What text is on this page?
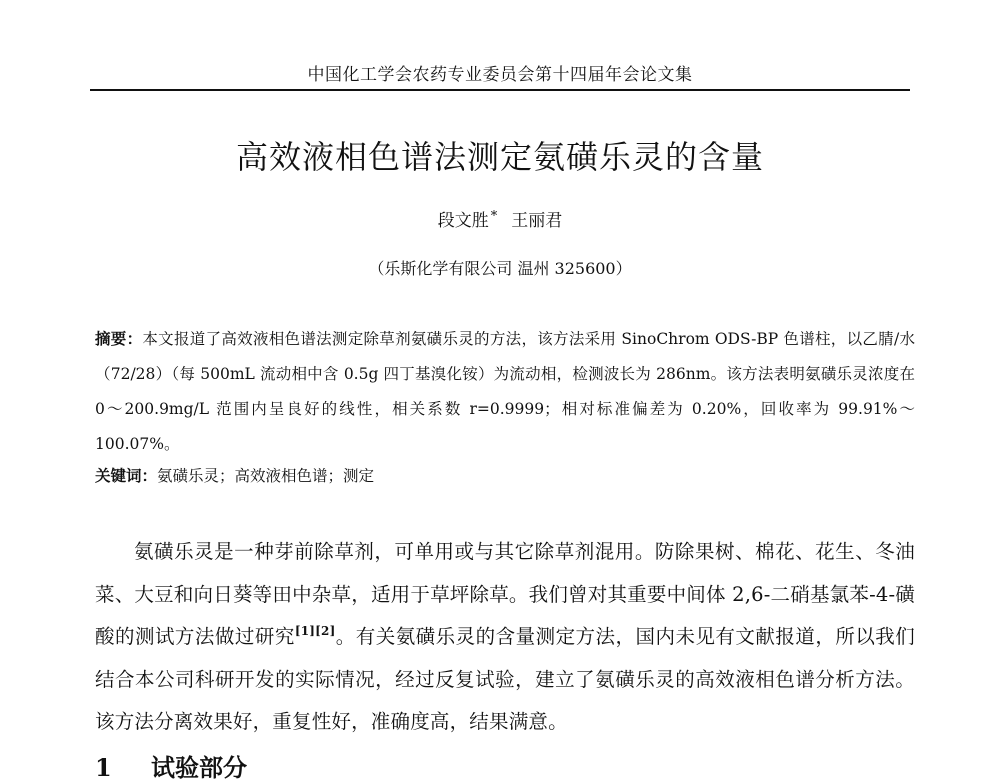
中国化工学会农药专业委员会第十四届年会论文集
高效液相色谱法测定氨磺乐灵的含量
段文胜 * 王丽君
（乐斯化学有限公司 温州 325600）
摘要：本文报道了高效液相色谱法测定除草剂氨磺乐灵的方法，该方法采用 SinoChrom ODS-BP 色谱柱，以乙腈/水（72/28）（每 500mL 流动相中含 0.5g 四丁基溴化铵）为流动相，检测波长为 286nm。该方法表明氨磺乐灵浓度在 0～200.9mg/L 范围内呈良好的线性，相关系数 r=0.9999；相对标准偏差为 0.20%，回收率为 99.91%～100.07%。
关键词：氨磺乐灵；高效液相色谱；测定
氨磺乐灵是一种芽前除草剂，可单用或与其它除草剂混用。防除果树、棉花、花生、冬油菜、大豆和向日葵等田中杂草，适用于草坪除草。我们曾对其重要中间体 2,6-二硝基氯苯-4-磺酸的测试方法做过研究[1][2]。有关氨磺乐灵的含量测定方法，国内未见有文献报道，所以我们结合本公司科研开发的实际情况，经过反复试验，建立了氨磺乐灵的高效液相色谱分析方法。该方法分离效果好，重复性好，准确度高，结果满意。
1 试验部分
